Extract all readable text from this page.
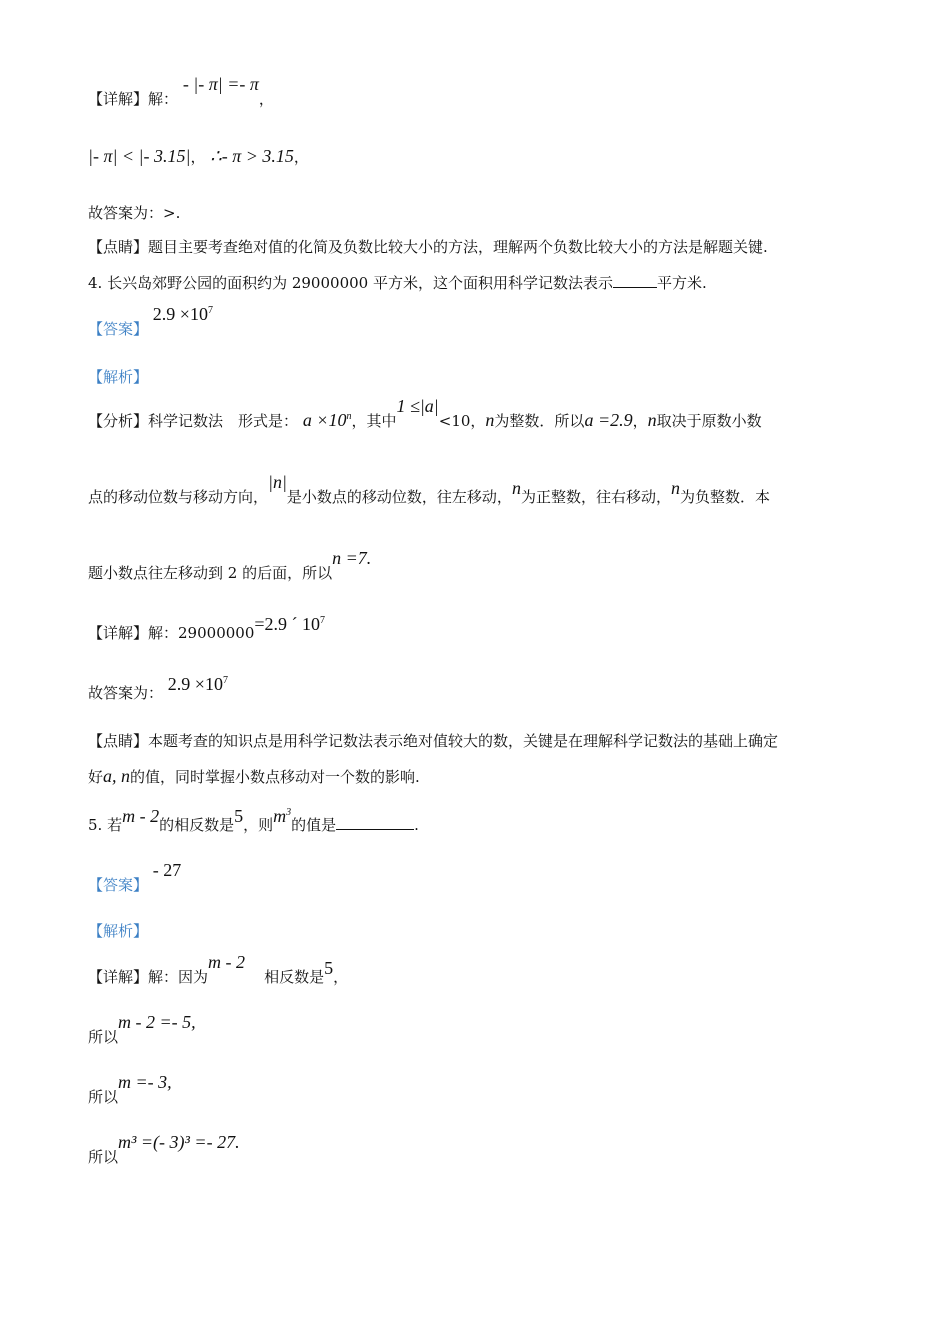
【详解】解： - |- π| =- π，
|- π| < |- 3.15|， ∴- π > 3.15，
故答案为：>.
【点睛】题目主要考查绝对值的化简及负数比较大小的方法，理解两个负数比较大小的方法是解题关键.
4. 长兴岛郊野公园的面积约为 29000000 平方米，这个面积用科学记数法表示	平方米.
【答案】 $2.9 \times 10^7$
【解析】
【分析】科学记数法　形式是： $a \times 10^n$，其中1 ≤|a|<10，n为整数．所以a =2.9，n取决于原数小数
点的移动位数与移动方向，|n|是小数点的移动位数，往左移动，n为正整数，往右移动，n为负整数．本
题小数点往左移动到 2 的后面，所以n =7.
【详解】解：29000000=2.9 ´ $10^7$
故答案为： $2.9 \times 10^7$
【点睛】本题考查的知识点是用科学记数法表示绝对值较大的数，关键是在理解科学记数法的基础上确定
好a, n的值，同时掌握小数点移动对一个数的影响.
5. 若m - 2的相反数是5，则$m^3$的值是	.
【答案】 - 27
【解析】
【详解】解：因为m - 2    相反数是5，
所以m - 2 =- 5,
所以m =- 3,
所以m³ =(- 3)³ =- 27.
